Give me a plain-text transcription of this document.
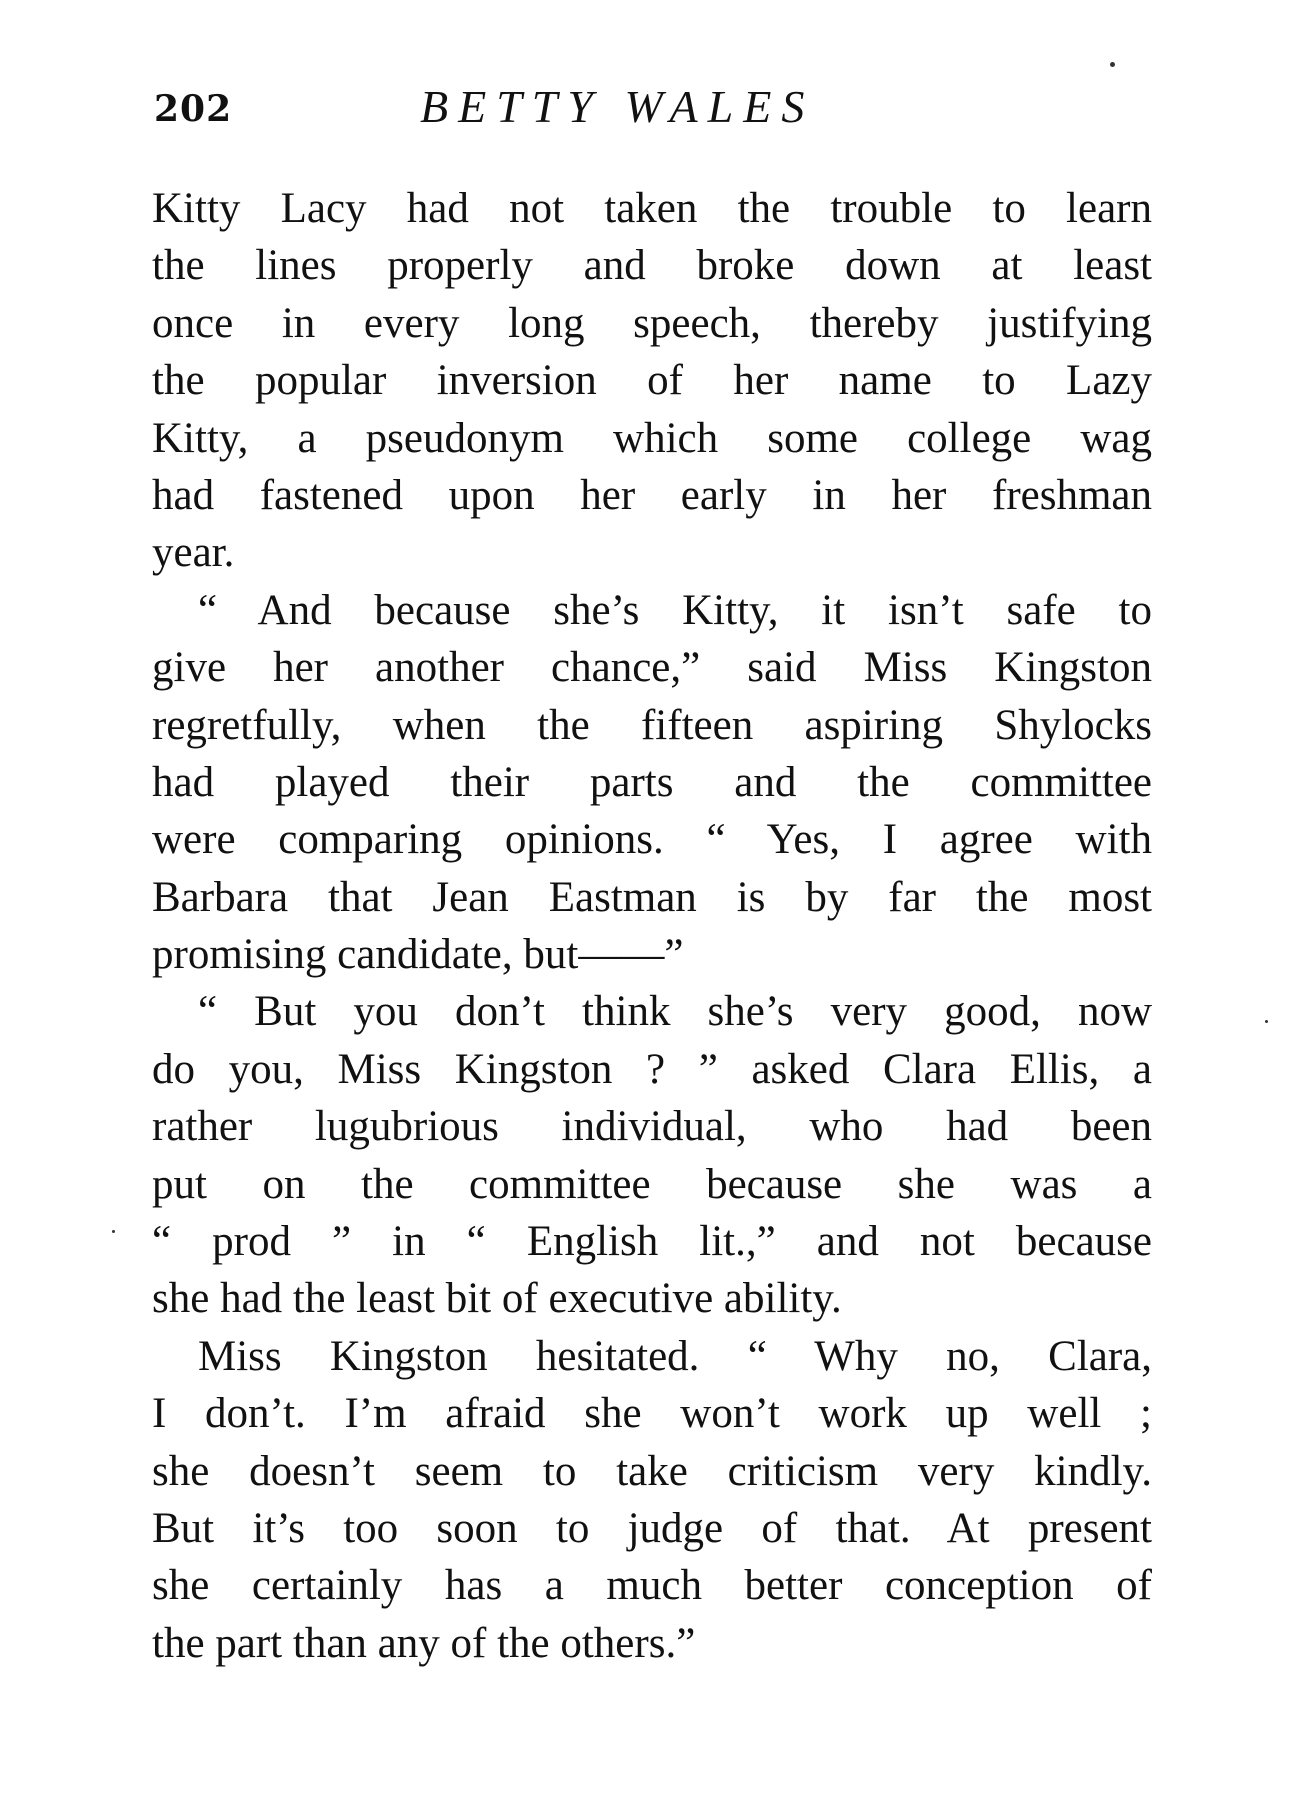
202	BETTY WALES
Kitty Lacy had not taken the trouble to learn
the lines properly and broke down at least
once in every long speech, thereby justifying
the popular inversion of her name to Lazy
Kitty, a pseudonym which some college wag
had fastened upon her early in her freshman
year.
“ And because she’s Kitty, it isn’t safe to
give her another chance,” said Miss Kingston
regretfully, when the fifteen aspiring Shylocks
had played their parts and the committee
were comparing opinions. “ Yes, I agree with
Barbara that Jean Eastman is by far the most
promising candidate, but——”
“ But you don’t think she’s very good, now
do you, Miss Kingston ? ” asked Clara Ellis, a
rather lugubrious individual, who had been
put on the committee because she was a
“ prod ” in “ English lit.,” and not because
she had the least bit of executive ability.
Miss Kingston hesitated. “ Why no, Clara,
I don’t. I’m afraid she won’t work up well ;
she doesn’t seem to take criticism very kindly.
But it’s too soon to judge of that. At present
she certainly has a much better conception of
the part than any of the others.”
